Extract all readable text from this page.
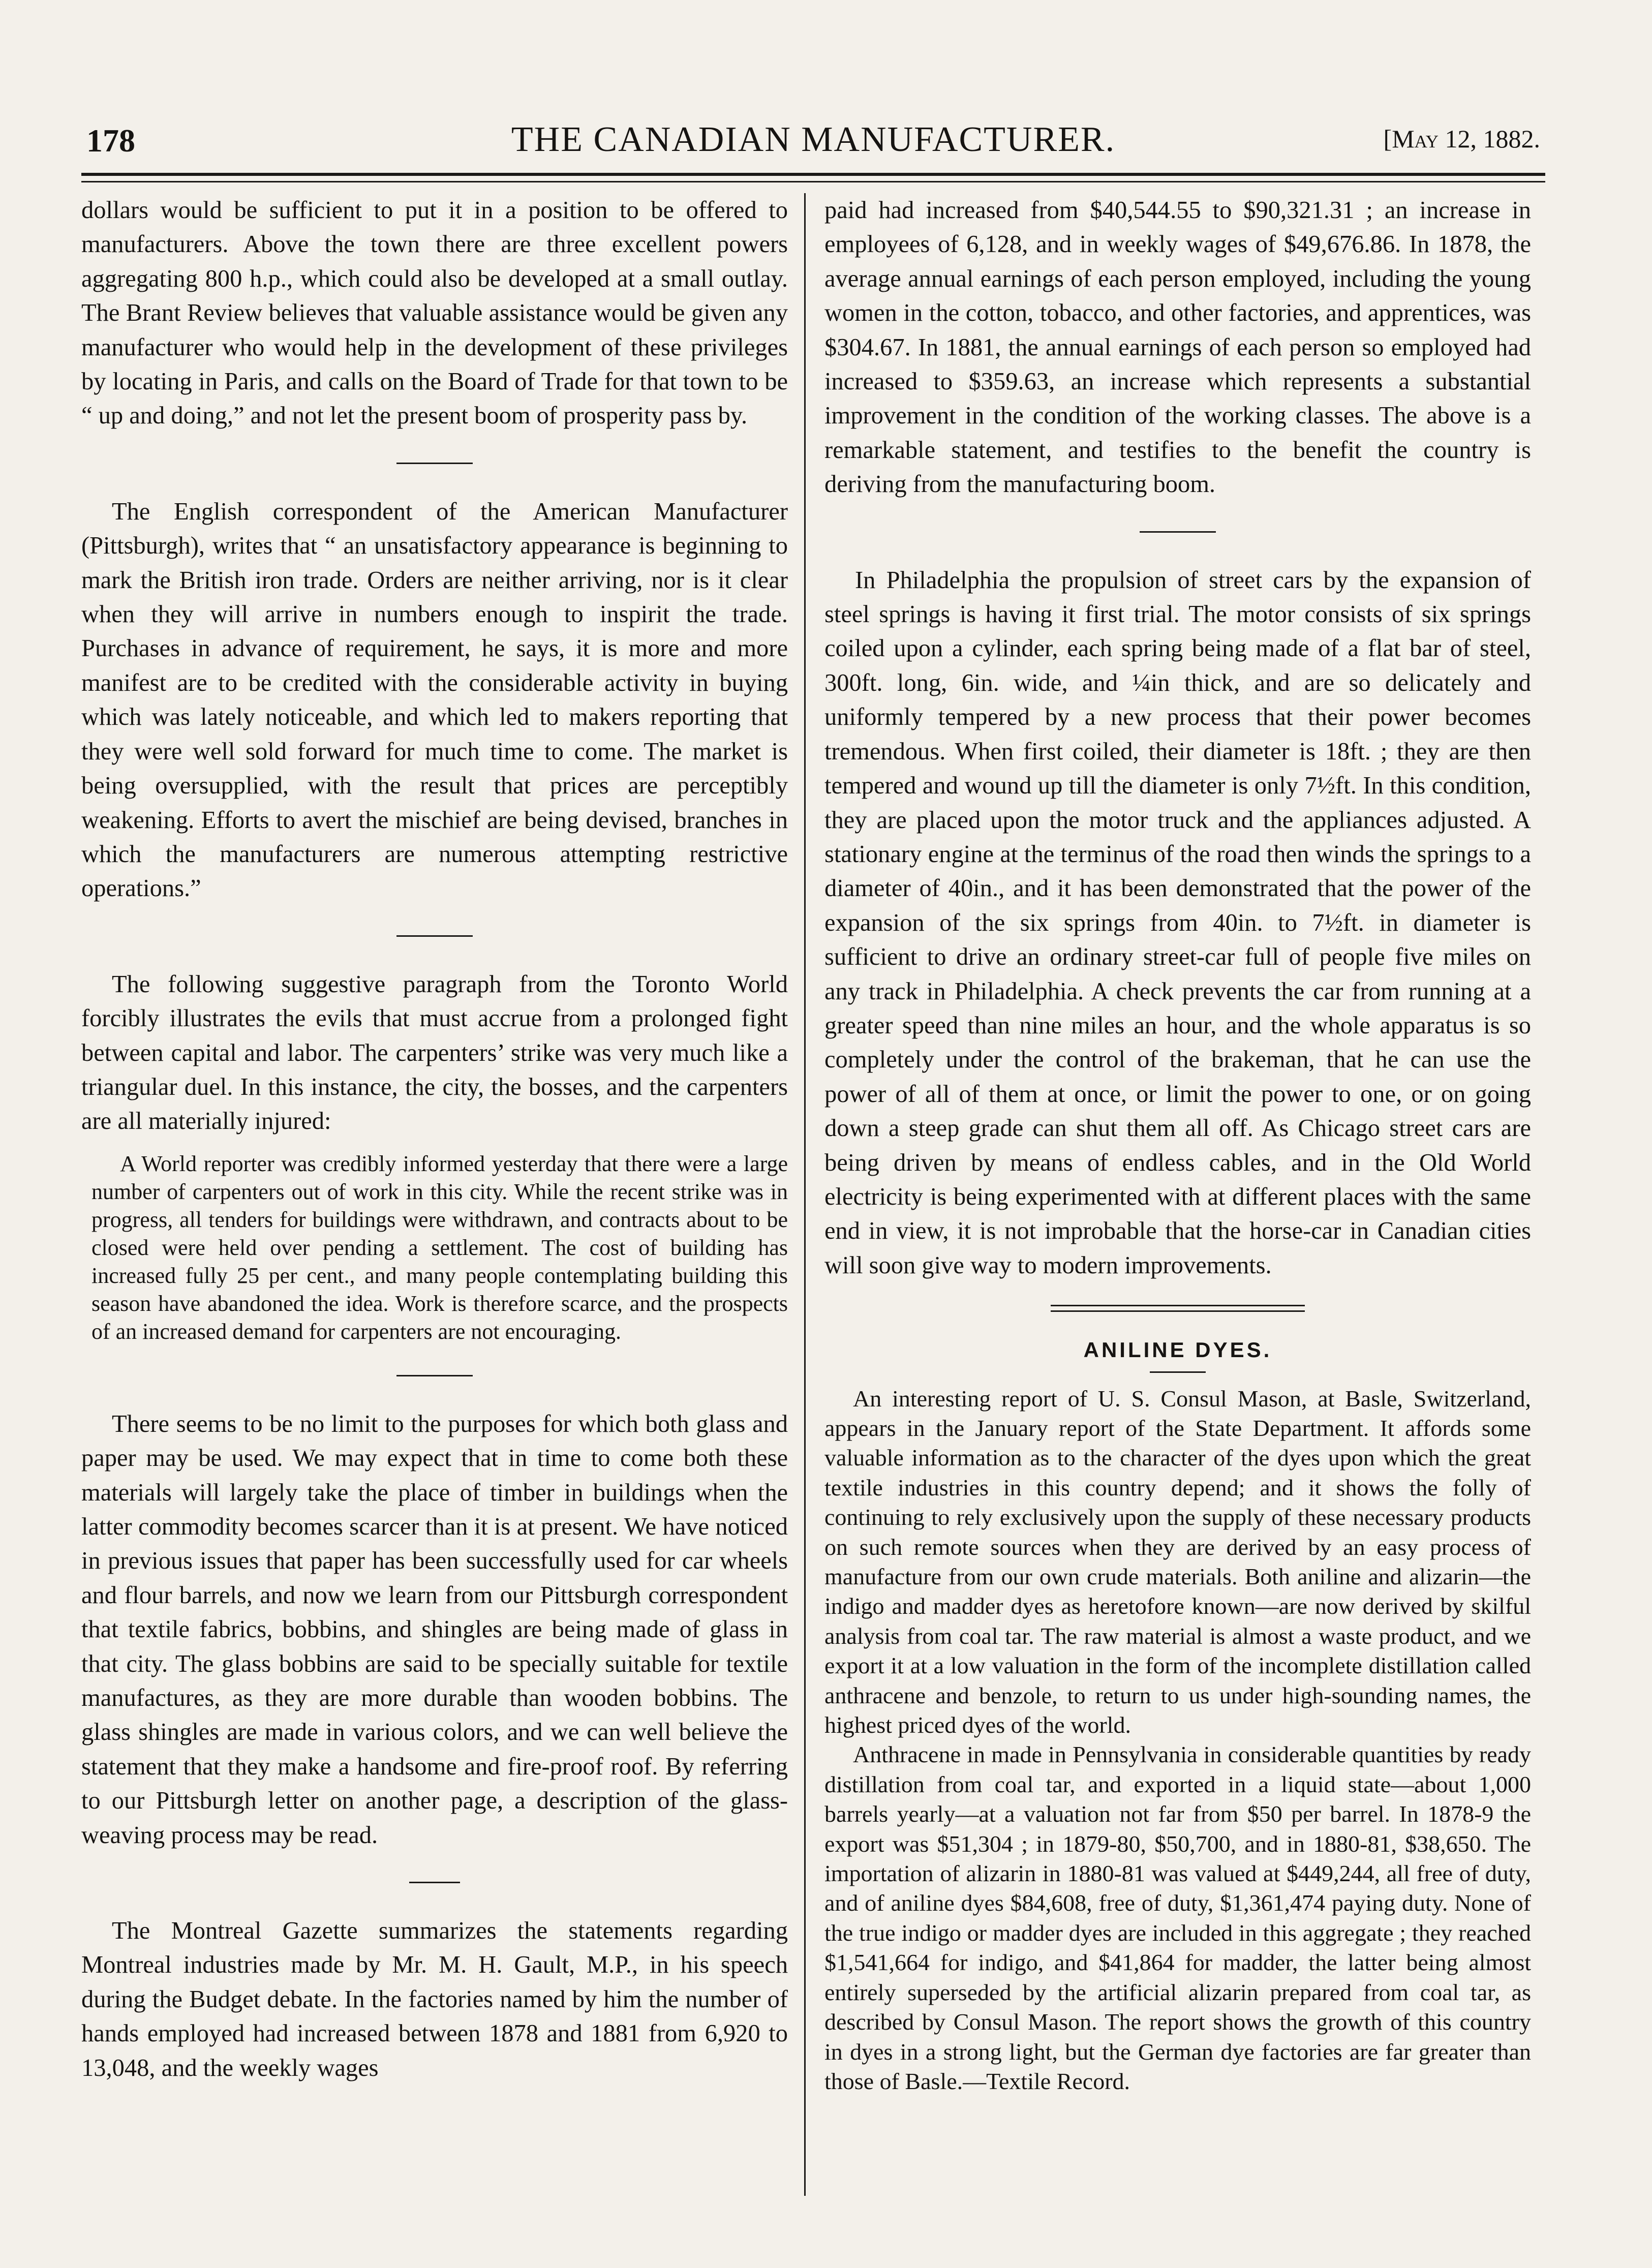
178	THE CANADIAN MANUFACTURER.	[May 12, 1882.

dollars would be sufficient to put it in a position to be offered to manufacturers. Above the town there are three excellent powers aggregating 800 h.p., which could also be developed at a small outlay. The Brant Review believes that valuable assistance would be given any manufacturer who would help in the development of these privileges by locating in Paris, and calls on the Board of Trade for that town to be “ up and doing,” and not let the present boom of prosperity pass by.

The English correspondent of the American Manufacturer (Pittsburgh), writes that “ an unsatisfactory appearance is beginning to mark the British iron trade. Orders are neither arriving, nor is it clear when they will arrive in numbers enough to inspirit the trade. Purchases in advance of requirement, he says, it is more and more manifest are to be credited with the considerable activity in buying which was lately noticeable, and which led to makers reporting that they were well sold forward for much time to come. The market is being oversupplied, with the result that prices are perceptibly weakening. Efforts to avert the mischief are being devised, branches in which the manufacturers are numerous attempting restrictive operations.”

The following suggestive paragraph from the Toronto World forcibly illustrates the evils that must accrue from a prolonged fight between capital and labor. The carpenters’ strike was very much like a triangular duel. In this instance, the city, the bosses, and the carpenters are all materially injured:

A World reporter was credibly informed yesterday that there were a large number of carpenters out of work in this city. While the recent strike was in progress, all tenders for buildings were withdrawn, and contracts about to be closed were held over pending a settlement. The cost of building has increased fully 25 per cent., and many people contemplating building this season have abandoned the idea. Work is therefore scarce, and the prospects of an increased demand for carpenters are not encouraging.

There seems to be no limit to the purposes for which both glass and paper may be used. We may expect that in time to come both these materials will largely take the place of timber in buildings when the latter commodity becomes scarcer than it is at present. We have noticed in previous issues that paper has been successfully used for car wheels and flour barrels, and now we learn from our Pittsburgh correspondent that textile fabrics, bobbins, and shingles are being made of glass in that city. The glass bobbins are said to be specially suitable for textile manufactures, as they are more durable than wooden bobbins. The glass shingles are made in various colors, and we can well believe the statement that they make a handsome and fire-proof roof. By referring to our Pittsburgh letter on another page, a description of the glass-weaving process may be read.

The Montreal Gazette summarizes the statements regarding Montreal industries made by Mr. M. H. Gault, M.P., in his speech during the Budget debate. In the factories named by him the number of hands employed had increased between 1878 and 1881 from 6,920 to 13,048, and the weekly wages

paid had increased from $40,544.55 to $90,321.31 ; an increase in employees of 6,128, and in weekly wages of $49,676.86. In 1878, the average annual earnings of each person employed, including the young women in the cotton, tobacco, and other factories, and apprentices, was $304.67. In 1881, the annual earnings of each person so employed had increased to $359.63, an increase which represents a substantial improvement in the condition of the working classes. The above is a remarkable statement, and testifies to the benefit the country is deriving from the manufacturing boom.

In Philadelphia the propulsion of street cars by the expansion of steel springs is having it first trial. The motor consists of six springs coiled upon a cylinder, each spring being made of a flat bar of steel, 300ft. long, 6in. wide, and ¼in thick, and are so delicately and uniformly tempered by a new process that their power becomes tremendous. When first coiled, their diameter is 18ft. ; they are then tempered and wound up till the diameter is only 7½ft. In this condition, they are placed upon the motor truck and the appliances adjusted. A stationary engine at the terminus of the road then winds the springs to a diameter of 40in., and it has been demonstrated that the power of the expansion of the six springs from 40in. to 7½ft. in diameter is sufficient to drive an ordinary street-car full of people five miles on any track in Philadelphia. A check prevents the car from running at a greater speed than nine miles an hour, and the whole apparatus is so completely under the control of the brakeman, that he can use the power of all of them at once, or limit the power to one, or on going down a steep grade can shut them all off. As Chicago street cars are being driven by means of endless cables, and in the Old World electricity is being experimented with at different places with the same end in view, it is not improbable that the horse-car in Canadian cities will soon give way to modern improvements.

ANILINE DYES.

An interesting report of U. S. Consul Mason, at Basle, Switzerland, appears in the January report of the State Department. It affords some valuable information as to the character of the dyes upon which the great textile industries in this country depend; and it shows the folly of continuing to rely exclusively upon the supply of these necessary products on such remote sources when they are derived by an easy process of manufacture from our own crude materials. Both aniline and alizarin—the indigo and madder dyes as heretofore known—are now derived by skilful analysis from coal tar. The raw material is almost a waste product, and we export it at a low valuation in the form of the incomplete distillation called anthracene and benzole, to return to us under high-sounding names, the highest priced dyes of the world.

Anthracene in made in Pennsylvania in considerable quantities by ready distillation from coal tar, and exported in a liquid state—about 1,000 barrels yearly—at a valuation not far from $50 per barrel. In 1878-9 the export was $51,304 ; in 1879-80, $50,700, and in 1880-81, $38,650. The importation of alizarin in 1880-81 was valued at $449,244, all free of duty, and of aniline dyes $84,608, free of duty, $1,361,474 paying duty. None of the true indigo or madder dyes are included in this aggregate ; they reached $1,541,664 for indigo, and $41,864 for madder, the latter being almost entirely superseded by the artificial alizarin prepared from coal tar, as described by Consul Mason. The report shows the growth of this country in dyes in a strong light, but the German dye factories are far greater than those of Basle.—Textile Record.
